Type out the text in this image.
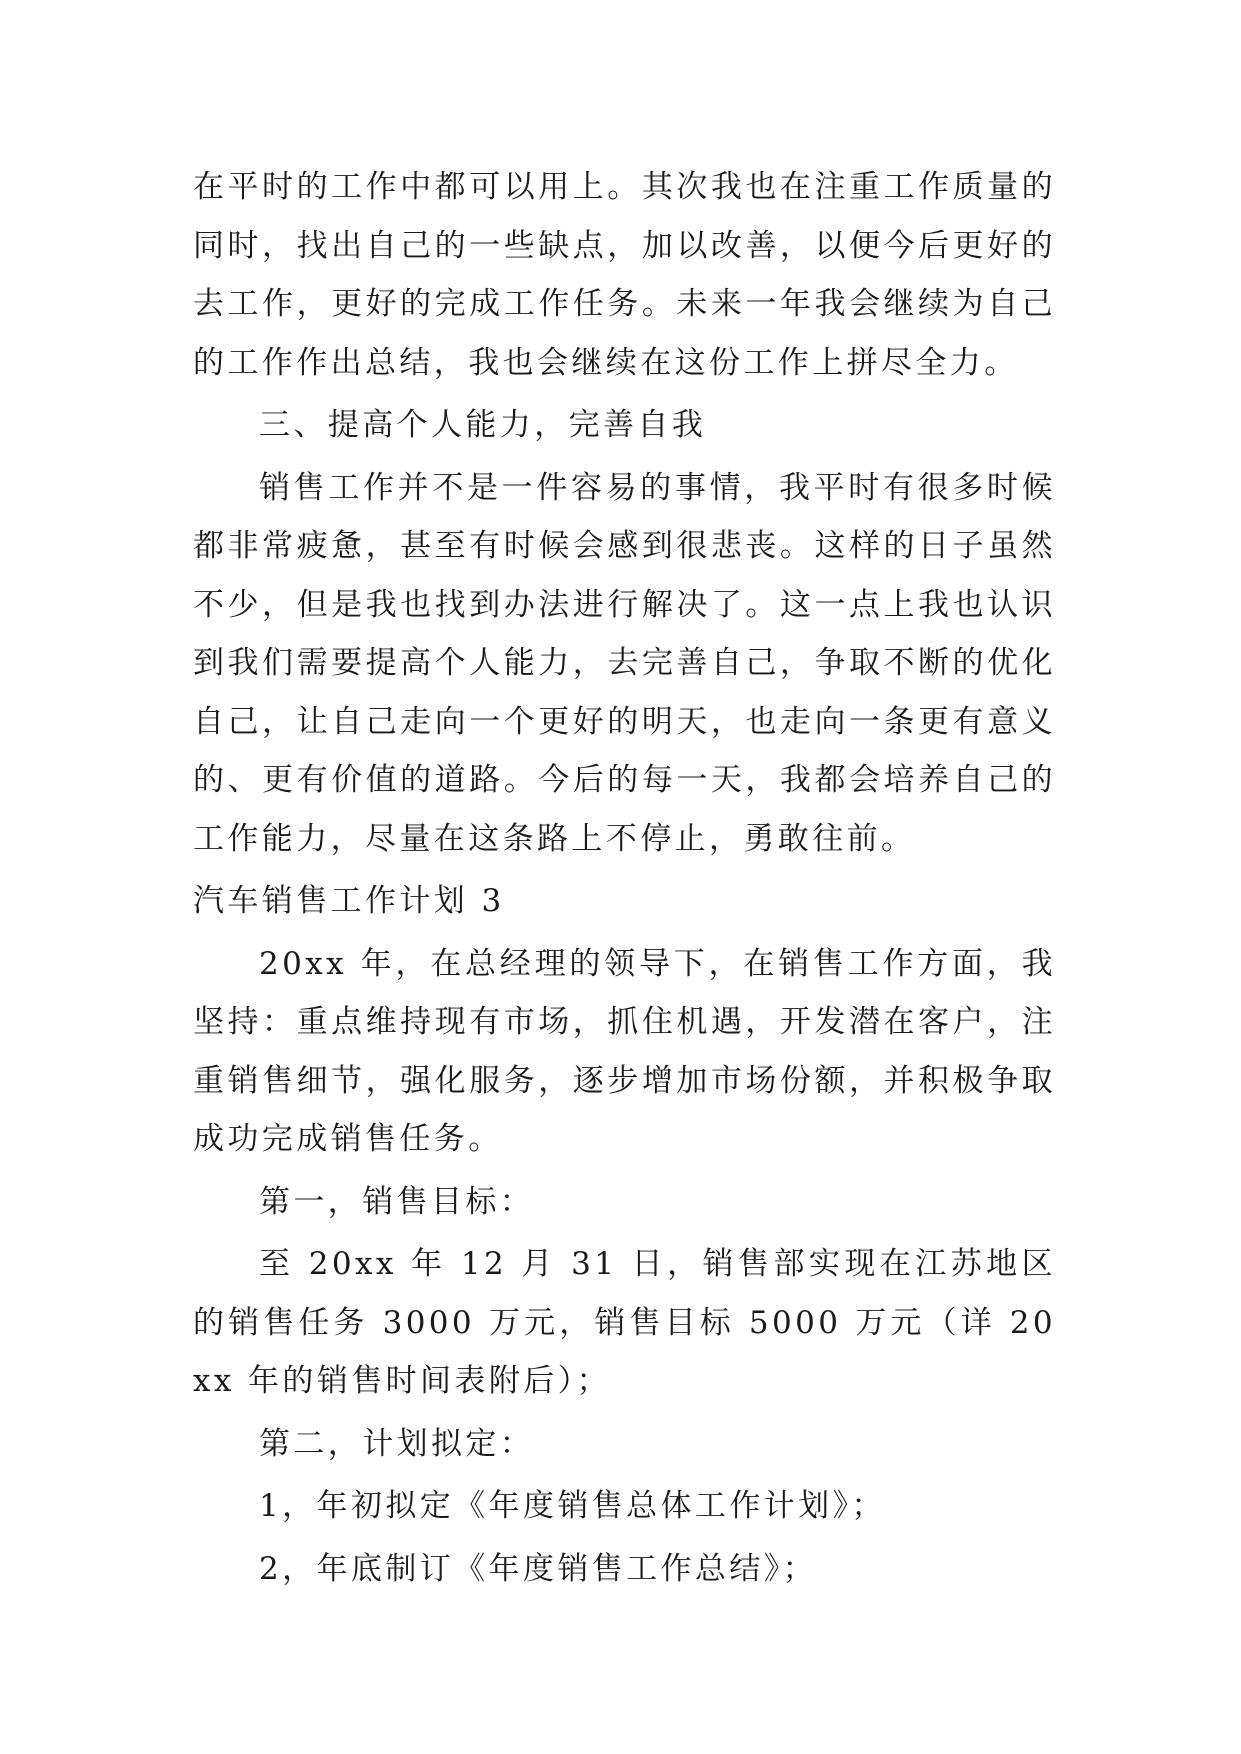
在平时的工作中都可以用上。其次我也在注重工作质量的同时，找出自己的一些缺点，加以改善，以便今后更好的去工作，更好的完成工作任务。未来一年我会继续为自己的工作作出总结，我也会继续在这份工作上拼尽全力。

三、提高个人能力，完善自我

销售工作并不是一件容易的事情，我平时有很多时候都非常疲惫，甚至有时候会感到很悲丧。这样的日子虽然不少，但是我也找到办法进行解决了。这一点上我也认识到我们需要提高个人能力，去完善自己，争取不断的优化自己，让自己走向一个更好的明天，也走向一条更有意义的、更有价值的道路。今后的每一天，我都会培养自己的工作能力，尽量在这条路上不停止，勇敢往前。

汽车销售工作计划 3

20xx 年，在总经理的领导下，在销售工作方面，我坚持：重点维持现有市场，抓住机遇，开发潜在客户，注重销售细节，强化服务，逐步增加市场份额，并积极争取成功完成销售任务。

第一，销售目标：

至 20xx 年 12 月 31 日，销售部实现在江苏地区的销售任务 3000 万元，销售目标 5000 万元（详 20xx 年的销售时间表附后）；

第二，计划拟定：

1，年初拟定《年度销售总体工作计划》；

2，年底制订《年度销售工作总结》；
